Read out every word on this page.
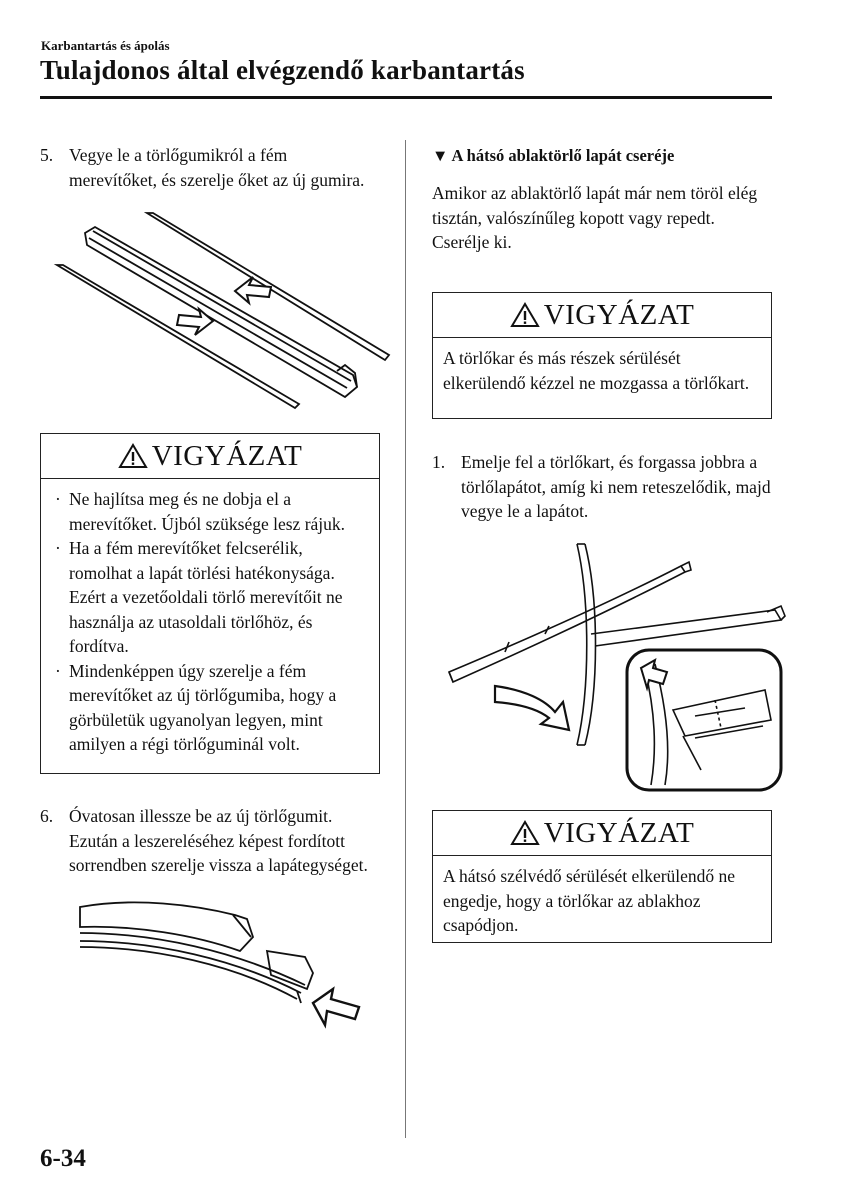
Karbantartás és ápolás
Tulajdonos által elvégzendő karbantartás
5. Vegye le a törlőgumikról a fém merevítőket, és szerelje őket az új gumira.
VIGYÁZAT
· Ne hajlítsa meg és ne dobja el a merevítőket. Újból szüksége lesz rájuk.
· Ha a fém merevítőket felcserélik, romolhat a lapát törlési hatékonysága. Ezért a vezetőoldali törlő merevítőit ne használja az utasoldali törlőhöz, és fordítva.
· Mindenképpen úgy szerelje a fém merevítőket az új törlőgumiba, hogy a görbületük ugyanolyan legyen, mint amilyen a régi törlőguminál volt.
6. Óvatosan illessze be az új törlőgumit. Ezután a leszereléséhez képest fordított sorrendben szerelje vissza a lapátegységet.
▼ A hátsó ablaktörlő lapát cseréje
Amikor az ablaktörlő lapát már nem töröl elég tisztán, valószínűleg kopott vagy repedt.
Cserélje ki.
VIGYÁZAT
A törlőkar és más részek sérülését elkerülendő kézzel ne mozgassa a törlőkart.
1. Emelje fel a törlőkart, és forgassa jobbra a törlőlapátot, amíg ki nem reteszelődik, majd vegye le a lapátot.
VIGYÁZAT
A hátsó szélvédő sérülését elkerülendő ne engedje, hogy a törlőkar az ablakhoz csapódjon.
6-34
